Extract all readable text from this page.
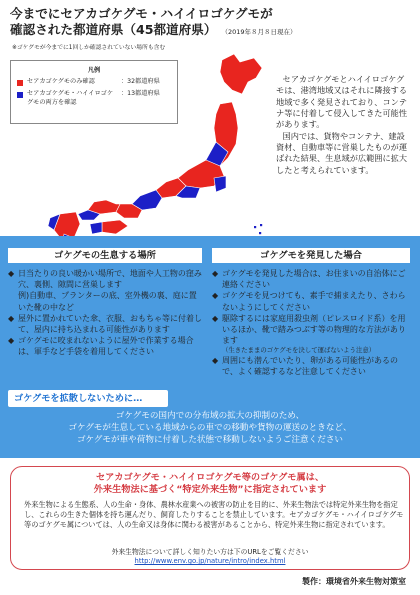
今までにセアカゴケグモ・ハイイロゴケグモが
確認された都道府県（45都道府県） （2019年８月８日現在）
※ゴケグモが今までに1回しか確認されていない場所も含む
凡例
セアカゴケグモのみ確認	：32都道府県
セアカゴケグモ・ハイイロゴケグモの両方を確認
：13都道府県

セアカゴケグモとハイイロゴケグモは、港湾地域又はそれに隣接する地域で多く発見されており、コンテナ等に付着して侵入してきた可能性があります。

国内では、貨物やコンテナ、建設資材、自動車等に営巣したものが運ばれた結果、生息域が広範囲に拡大したと考えられています。

ゴケグモの生息する場所	ゴケグモを発見した場合
◆ 日当たりの良い暖かい場所で、地面や人工物の窪み穴、裏側、隙間に営巣します
例)自動車、プランターの底、室外機の裏、庭に置いた靴の中など
◆ 屋外に置かれていた傘、衣服、おもちゃ等に付着して、屋内に持ち込まれる可能性があります
◆ ゴケグモに咬まれないように屋外で作業する場合は、軍手など手袋を着用してください
◆ ゴケグモを発見した場合は、お住まいの自治体にご連絡ください
◆ ゴケグモを見つけても、素手で捕まえたり、さわらないようにしてください
◆ 駆除するには家庭用殺虫剤（ピレスロイド系）を用いるほか、靴で踏みつぶす等の物理的な方法があります
（生きたままのゴケグモを決して運ばないよう注意）
◆ 周囲にも潜んでいたり、卵がある可能性があるので、よく確認するなど注意してください
ゴケグモを拡散しないために…
ゴケグモの国内での分布域の拡大の抑制のため、
ゴケグモが生息している地域からの車での移動や貨物の運送のときなど、
ゴケグモが車や荷物に付着した状態で移動しないようご注意ください
セアカゴケグモ・ハイイロゴケグモ等のゴケグモ属は、
外来生物法に基づく“特定外来生物”に指定されています
外来生物による生態系、人の生命・身体、農林水産業への被害の防止を目的に、外来生物法では特定外来生物を指定し、これらの生きた個体を持ち運んだり、飼育したりすることを禁止しています。セアカゴケグモ・ハイイロゴケグモ等のゴケグモ属については、人の生命又は身体に関わる被害があることから、特定外来生物に指定されています。
外来生物法について詳しく知りたい方は下のURLをご覧ください
http://www.env.go.jp/nature/intro/index.html
製作：環境省外来生物対策室
